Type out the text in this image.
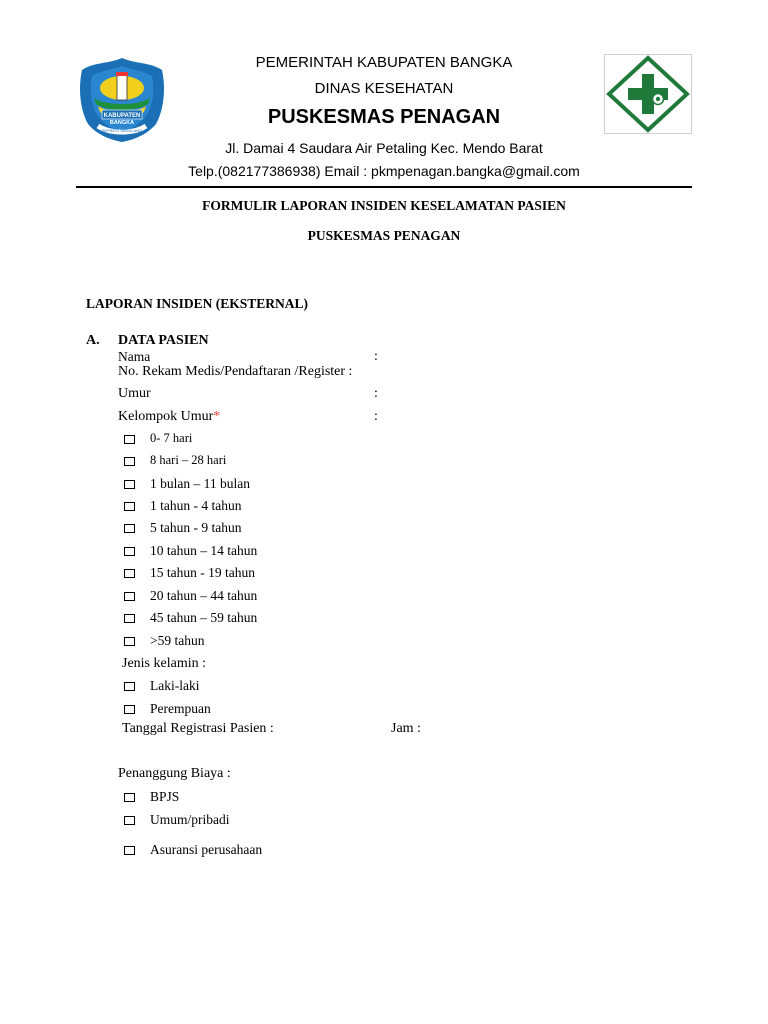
KABUPATEN
BANGKA
SEPINTU SEDULANG
PEMERINTAH KABUPATEN BANGKA
DINAS KESEHATAN
PUSKESMAS PENAGAN
Jl. Damai 4 Saudara Air Petaling Kec. Mendo Barat
Telp.(082177386938) Email : pkmpenagan.bangka@gmail.com
FORMULIR LAPORAN INSIDEN KESELAMATAN PASIEN
PUSKESMAS PENAGAN
LAPORAN INSIDEN (EKSTERNAL)
A. DATA PASIEN
Nama	:
No. Rekam Medis/Pendaftaran /Register :
Umur	:
Kelompok Umur*	:
0- 7 hari
8 hari – 28 hari
1 bulan – 11 bulan
1 tahun - 4 tahun
5 tahun - 9 tahun
10 tahun – 14 tahun
15 tahun - 19 tahun
20 tahun – 44 tahun
45 tahun – 59 tahun
>59 tahun
Jenis kelamin :
Laki-laki
Perempuan
Tanggal Registrasi Pasien :	Jam :
Penanggung Biaya :
BPJS
Umum/pribadi
Asuransi perusahaan
